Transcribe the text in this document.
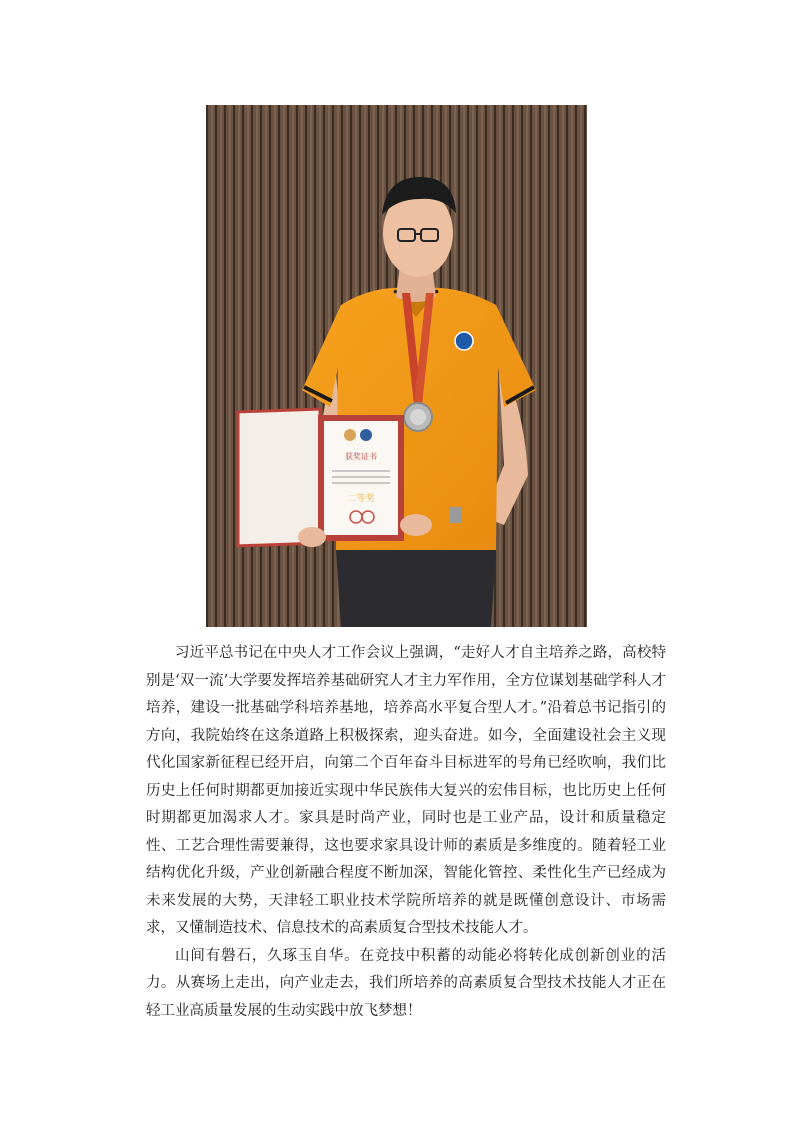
获奖证书
二等奖

习近平总书记在中央人才工作会议上强调，“走好人才自主培养之路，高校特别是‘双一流’大学要发挥培养基础研究人才主力军作用，全方位谋划基础学科人才培养，建设一批基础学科培养基地，培养高水平复合型人才。”沿着总书记指引的方向，我院始终在这条道路上积极探索，迎头奋进。如今，全面建设社会主义现代化国家新征程已经开启，向第二个百年奋斗目标进军的号角已经吹响，我们比历史上任何时期都更加接近实现中华民族伟大复兴的宏伟目标，也比历史上任何时期都更加渴求人才。家具是时尚产业，同时也是工业产品，设计和质量稳定性、工艺合理性需要兼得，这也要求家具设计师的素质是多维度的。随着轻工业结构优化升级，产业创新融合程度不断加深，智能化管控、柔性化生产已经成为未来发展的大势，天津轻工职业技术学院所培养的就是既懂创意设计、市场需求，又懂制造技术、信息技术的高素质复合型技术技能人才。

山间有磐石，久琢玉自华。在竞技中积蓄的动能必将转化成创新创业的活力。从赛场上走出，向产业走去，我们所培养的高素质复合型技术技能人才正在轻工业高质量发展的生动实践中放飞梦想！
